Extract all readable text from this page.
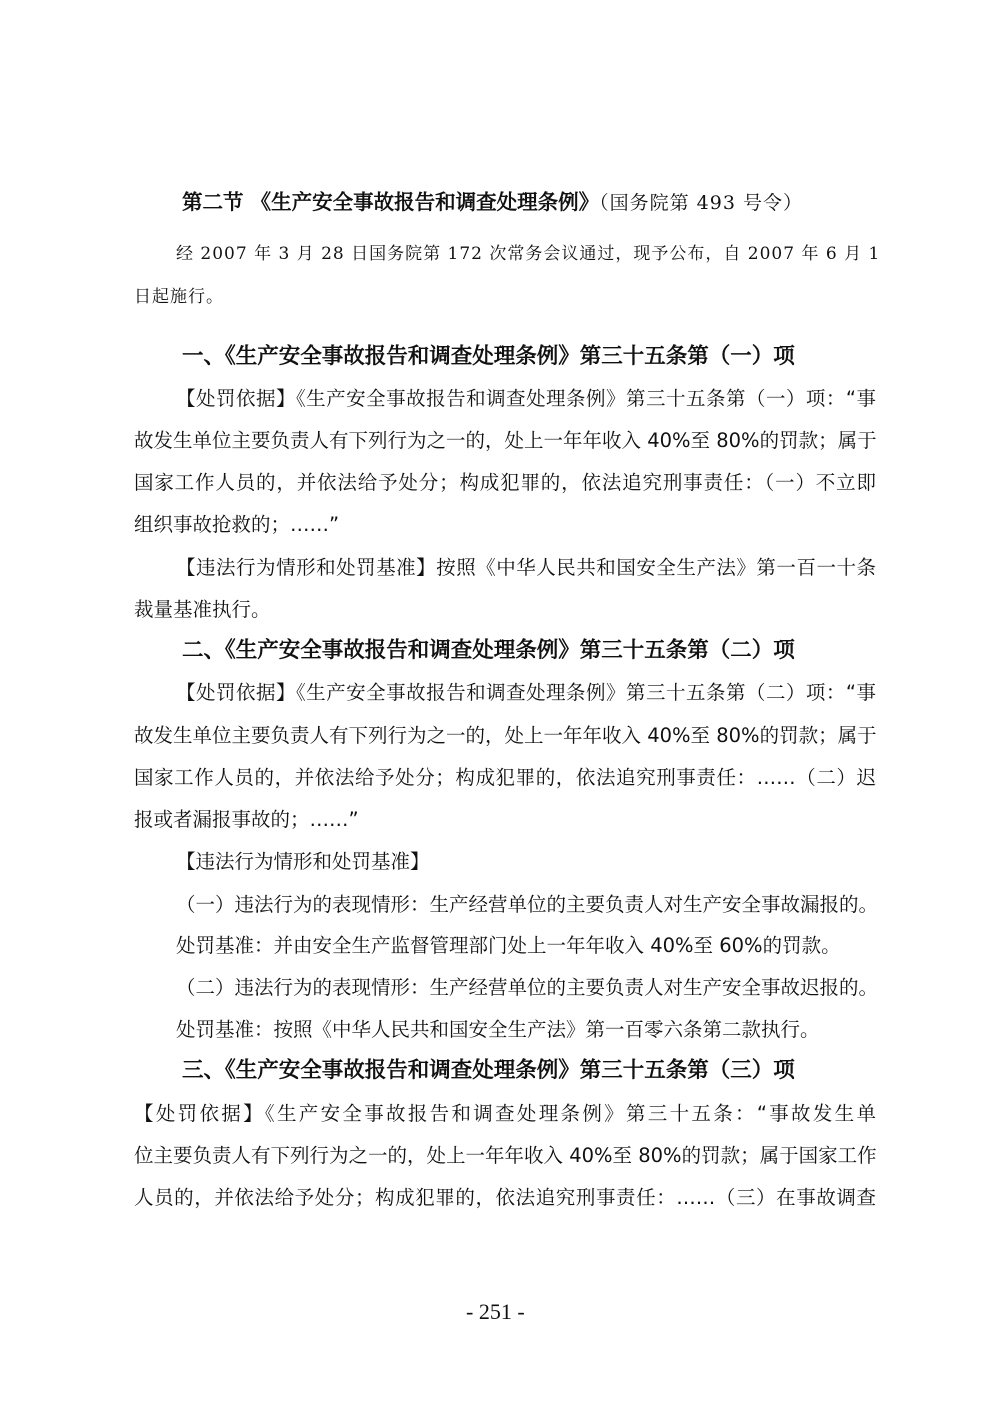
第二节 《生产安全事故报告和调查处理条例》（国务院第 493 号令）
经 2007 年 3 月 28 日国务院第 172 次常务会议通过，现予公布，自 2007 年 6 月 1
日起施行。
一、《生产安全事故报告和调查处理条例》第三十五条第（一）项
【处罚依据】《生产安全事故报告和调查处理条例》第三十五条第（一）项：“事
故发生单位主要负责人有下列行为之一的，处上一年年收入 40%至 80%的罚款；属于
国家工作人员的，并依法给予处分；构成犯罪的，依法追究刑事责任：（一）不立即
组织事故抢救的；……”
【违法行为情形和处罚基准】按照《中华人民共和国安全生产法》第一百一十条
裁量基准执行。
二、《生产安全事故报告和调查处理条例》第三十五条第（二）项
【处罚依据】《生产安全事故报告和调查处理条例》第三十五条第（二）项：“事
故发生单位主要负责人有下列行为之一的，处上一年年收入 40%至 80%的罚款；属于
国家工作人员的，并依法给予处分；构成犯罪的，依法追究刑事责任：……（二）迟
报或者漏报事故的；……”
【违法行为情形和处罚基准】
（一）违法行为的表现情形：生产经营单位的主要负责人对生产安全事故漏报的。
处罚基准：并由安全生产监督管理部门处上一年年收入 40%至 60%的罚款。
（二）违法行为的表现情形：生产经营单位的主要负责人对生产安全事故迟报的。
处罚基准：按照《中华人民共和国安全生产法》第一百零六条第二款执行。
三、《生产安全事故报告和调查处理条例》第三十五条第（三）项
【处罚依据】《生产安全事故报告和调查处理条例》第三十五条：“事故发生单
位主要负责人有下列行为之一的，处上一年年收入 40%至 80%的罚款；属于国家工作
人员的，并依法给予处分；构成犯罪的，依法追究刑事责任：……（三）在事故调查
- 251 -
